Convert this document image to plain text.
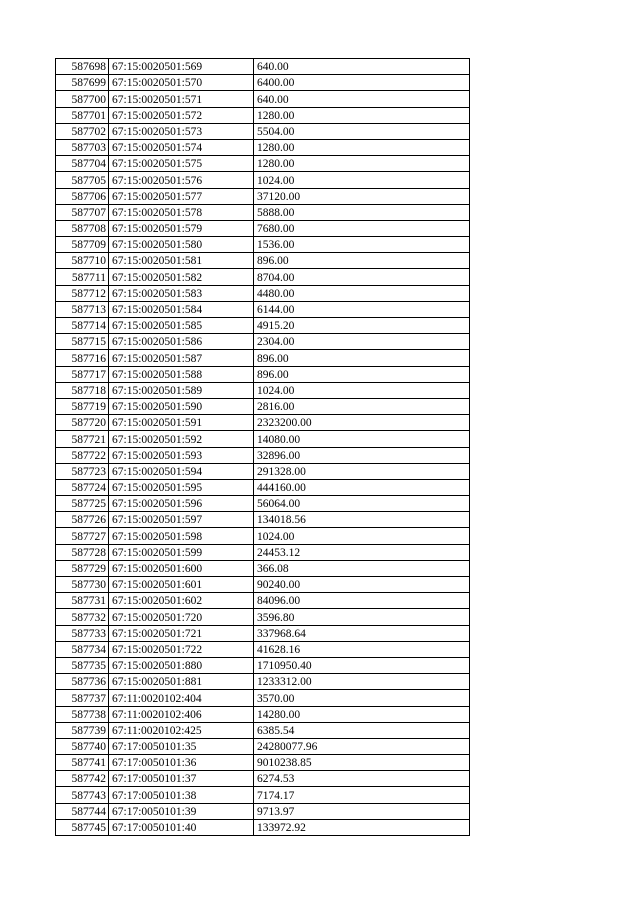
587698	67:15:0020501:569	640.00
587699	67:15:0020501:570	6400.00
587700	67:15:0020501:571	640.00
587701	67:15:0020501:572	1280.00
587702	67:15:0020501:573	5504.00
587703	67:15:0020501:574	1280.00
587704	67:15:0020501:575	1280.00
587705	67:15:0020501:576	1024.00
587706	67:15:0020501:577	37120.00
587707	67:15:0020501:578	5888.00
587708	67:15:0020501:579	7680.00
587709	67:15:0020501:580	1536.00
587710	67:15:0020501:581	896.00
587711	67:15:0020501:582	8704.00
587712	67:15:0020501:583	4480.00
587713	67:15:0020501:584	6144.00
587714	67:15:0020501:585	4915.20
587715	67:15:0020501:586	2304.00
587716	67:15:0020501:587	896.00
587717	67:15:0020501:588	896.00
587718	67:15:0020501:589	1024.00
587719	67:15:0020501:590	2816.00
587720	67:15:0020501:591	2323200.00
587721	67:15:0020501:592	14080.00
587722	67:15:0020501:593	32896.00
587723	67:15:0020501:594	291328.00
587724	67:15:0020501:595	444160.00
587725	67:15:0020501:596	56064.00
587726	67:15:0020501:597	134018.56
587727	67:15:0020501:598	1024.00
587728	67:15:0020501:599	24453.12
587729	67:15:0020501:600	366.08
587730	67:15:0020501:601	90240.00
587731	67:15:0020501:602	84096.00
587732	67:15:0020501:720	3596.80
587733	67:15:0020501:721	337968.64
587734	67:15:0020501:722	41628.16
587735	67:15:0020501:880	1710950.40
587736	67:15:0020501:881	1233312.00
587737	67:11:0020102:404	3570.00
587738	67:11:0020102:406	14280.00
587739	67:11:0020102:425	6385.54
587740	67:17:0050101:35	24280077.96
587741	67:17:0050101:36	9010238.85
587742	67:17:0050101:37	6274.53
587743	67:17:0050101:38	7174.17
587744	67:17:0050101:39	9713.97
587745	67:17:0050101:40	133972.92
